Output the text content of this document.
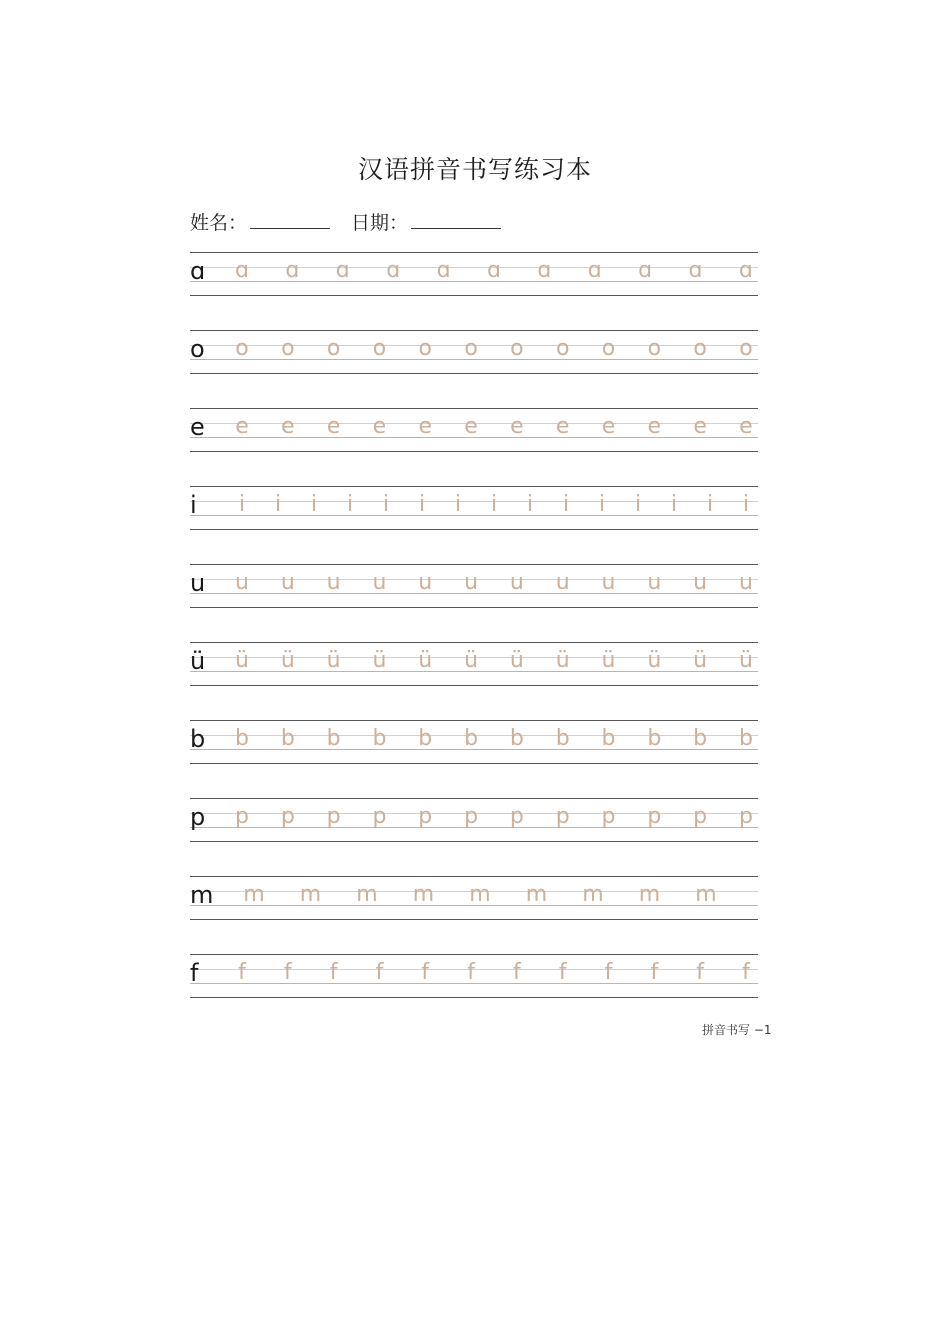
汉语拼音书写练习本
姓名：	日期：
ɑ ɑ ɑ ɑ ɑ ɑ ɑ ɑ ɑ ɑ ɑ ɑ
o o o o o o o o o o o o o
e e e e e e e e e e e e e
i	i	i	i	i	i	i	i	i	i	i	i	i	i	i	i
u u u u u u u u u u u u u
ü ü ü ü ü ü ü ü ü ü ü ü ü
b b b b b b b b b b b b b
p p p p p p p p p p p p p
m m m m m m m m m m
f	f	f	f	f	f	f	f	f	f	f	f	f
拼音书写 −1
